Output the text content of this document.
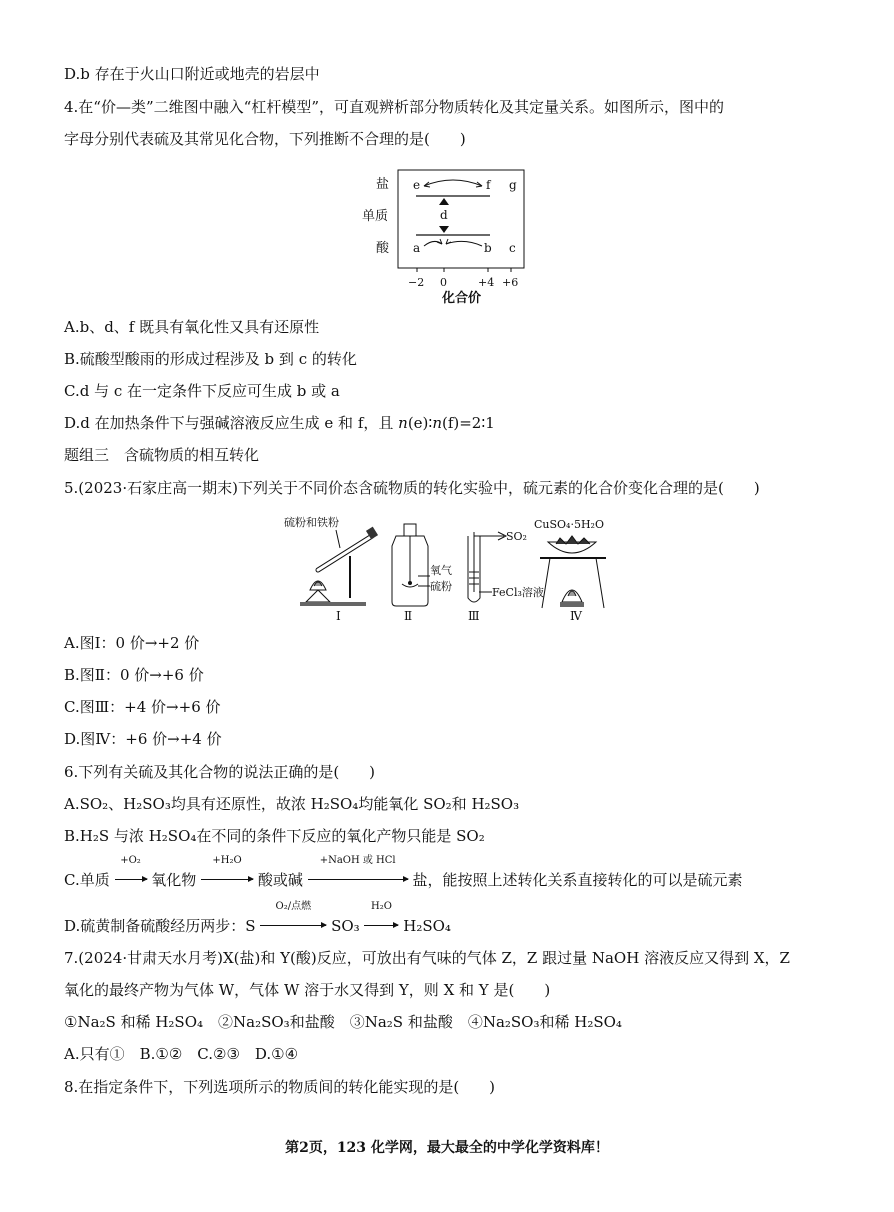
D.b 存在于火山口附近或地壳的岩层中
4.在“价—类”二维图中融入“杠杆模型”，可直观辨析部分物质转化及其定量关系。如图所示，图中的
字母分别代表硫及其常见化合物，下列推断不合理的是(　　)
盐
单质
酸
−2 0	+4 +6
化合价
e	f g
d
a	b c
A.b、d、f 既具有氧化性又具有还原性
B.硫酸型酸雨的形成过程涉及 b 到 c 的转化
C.d 与 c 在一定条件下反应可生成 b 或 a
D.d 在加热条件下与强碱溶液反应生成 e 和 f，且 n(e)∶n(f)=2∶1
题组三　含硫物质的相互转化
5.(2023·石家庄高一期末)下列关于不同价态含硫物质的转化实验中，硫元素的化合价变化合理的是(　　)
硫粉和铁粉
Ⅰ
氧气
硫粉
Ⅱ
SO₂
FeCl₃溶液
Ⅲ
CuSO₄·5H₂O
Ⅳ
A.图Ⅰ：0 价→+2 价
B.图Ⅱ：0 价→+6 价
C.图Ⅲ：+4 价→+6 价
D.图Ⅳ：+6 价→+4 价
6.下列有关硫及其化合物的说法正确的是(　　)
A.SO₂、H₂SO₃均具有还原性，故浓 H₂SO₄均能氧化 SO₂和 H₂SO₃
B.H₂S 与浓 H₂SO₄在不同的条件下反应的氧化产物只能是 SO₂
C.单质
+O₂
氧化物
+H₂O
酸或碱
+NaOH 或 HCl
盐，能按照上述转化关系直接转化的可以是硫元素
D.硫黄制备硫酸经历两步：S
O₂/点燃
SO₃
H₂O
H₂SO₄
7.(2024·甘肃天水月考)X(盐)和 Y(酸)反应，可放出有气味的气体 Z，Z 跟过量 NaOH 溶液反应又得到 X，Z
氧化的最终产物为气体 W，气体 W 溶于水又得到 Y，则 X 和 Y 是(　　)
①Na₂S 和稀 H₂SO₄　②Na₂SO₃和盐酸　③Na₂S 和盐酸　④Na₂SO₃和稀 H₂SO₄
A.只有①　B.①②　C.②③　D.①④
8.在指定条件下，下列选项所示的物质间的转化能实现的是(　　)
第2页，123 化学网，最大最全的中学化学资料库！
